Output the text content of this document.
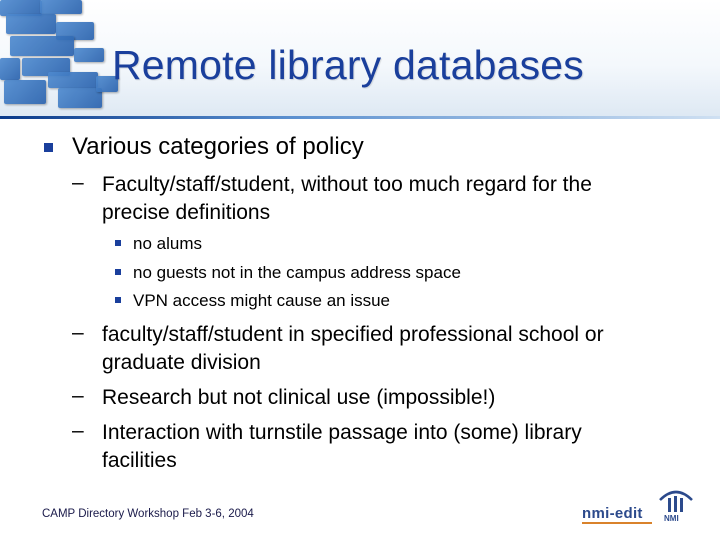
Remote library databases
Various categories of policy
– Faculty/staff/student, without too much regard for the
precise definitions
no alums
no guests not in the campus address space
VPN access might cause an issue
– faculty/staff/student in specified professional school or
graduate division
– Research but not clinical use (impossible!)
– Interaction with turnstile passage into (some) library
facilities
CAMP Directory Workshop Feb 3-6, 2004	nmi-edit	NMI
